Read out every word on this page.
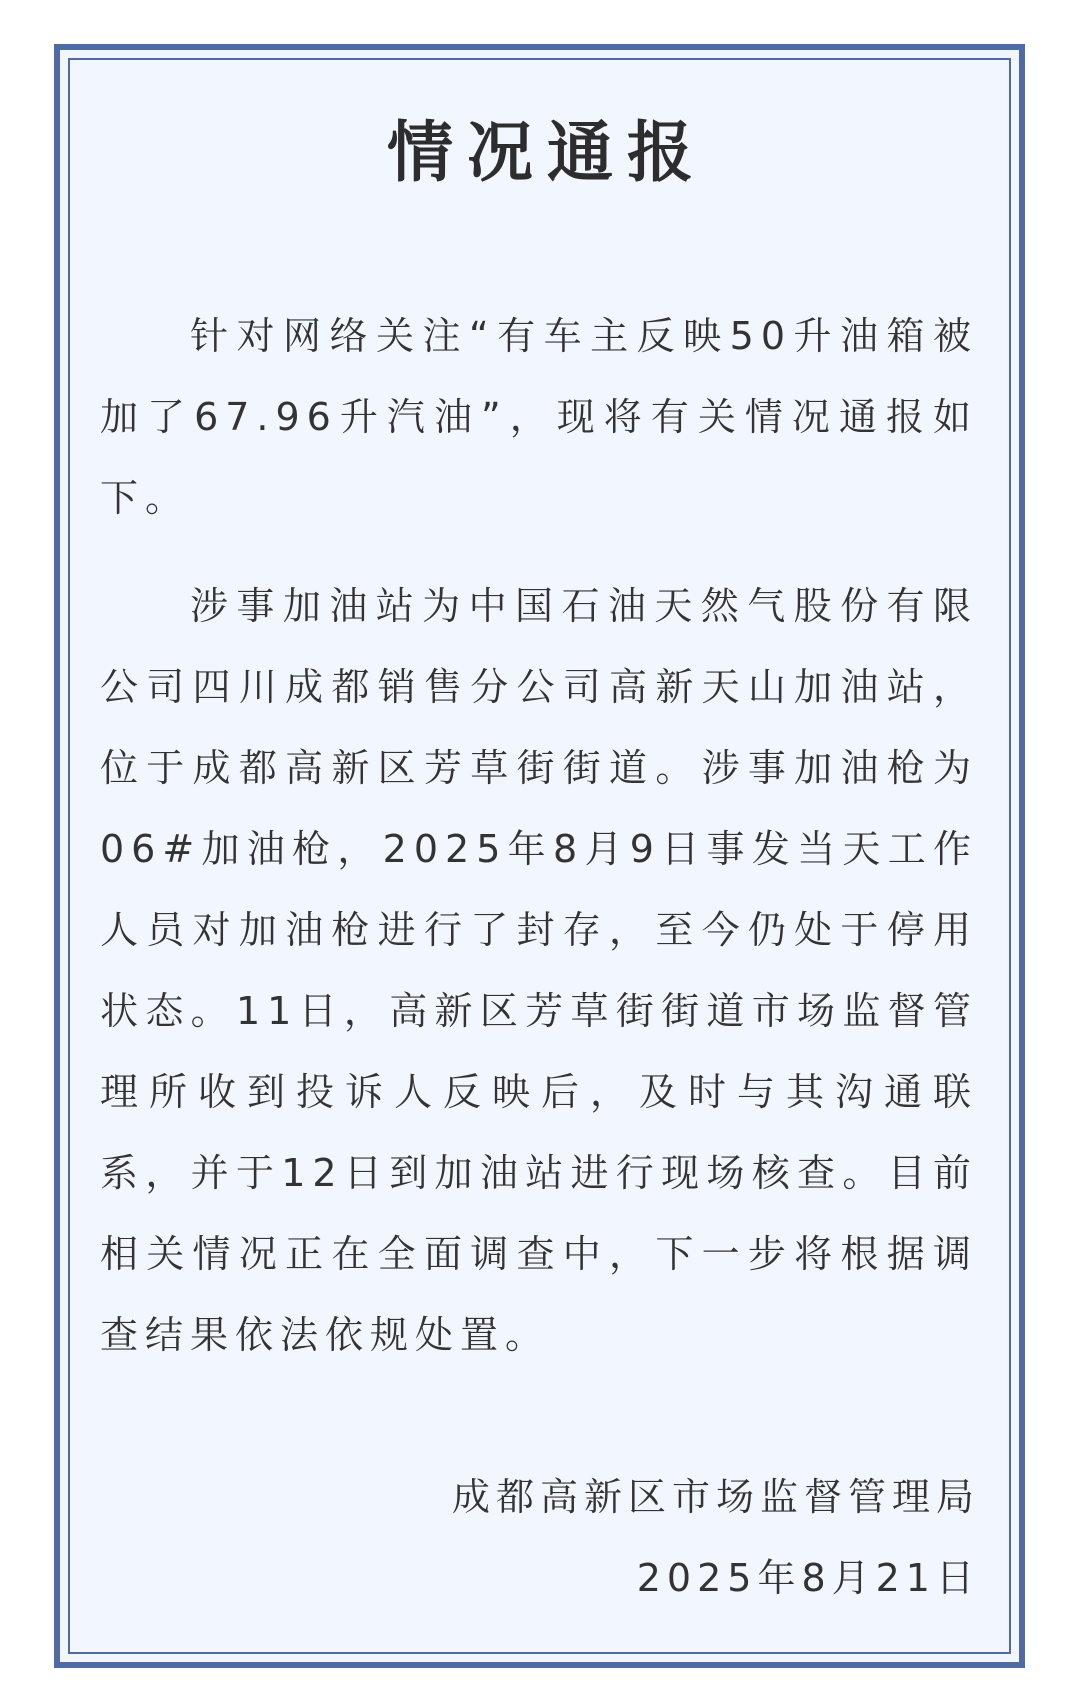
情况通报

针对网络关注“有车主反映50升油箱被加了67.96升汽油”，现将有关情况通报如下。

涉事加油站为中国石油天然气股份有限公司四川成都销售分公司高新天山加油站，位于成都高新区芳草街街道。涉事加油枪为06#加油枪，2025年8月9日事发当天工作人员对加油枪进行了封存，至今仍处于停用状态。11日，高新区芳草街街道市场监督管理所收到投诉人反映后，及时与其沟通联系，并于12日到加油站进行现场核查。目前相关情况正在全面调查中，下一步将根据调查结果依法依规处置。

成都高新区市场监督管理局
2025年8月21日
